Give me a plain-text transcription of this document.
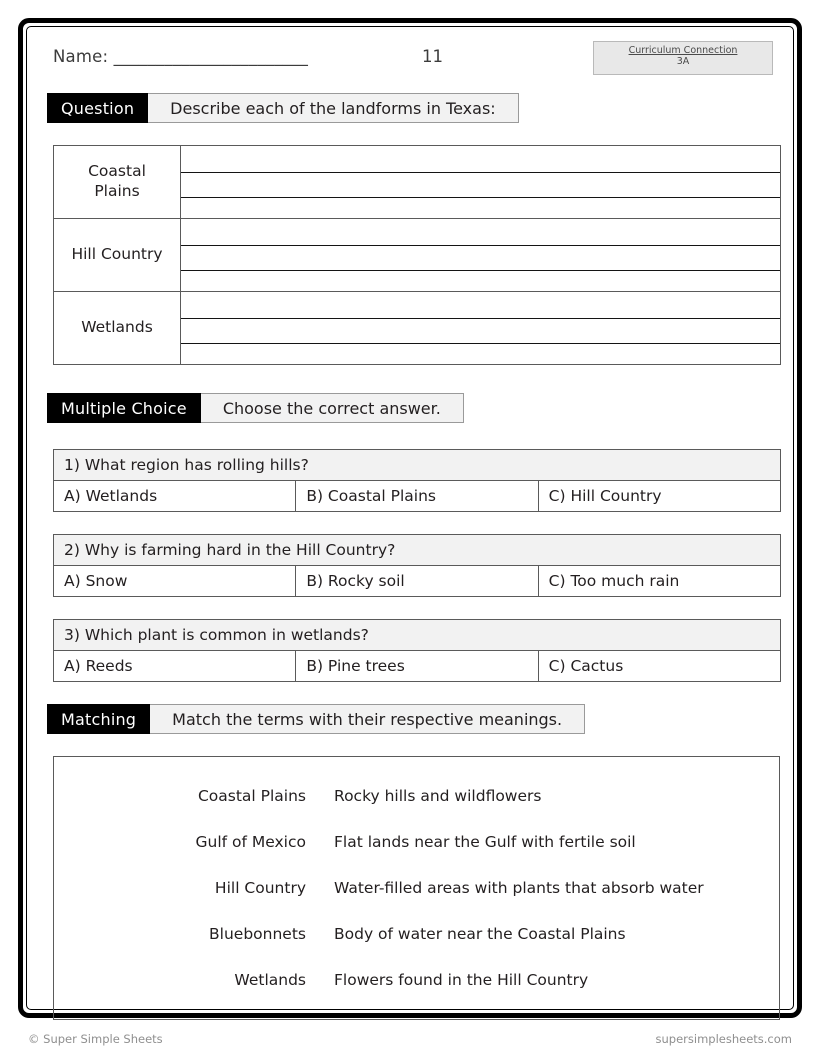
Name: _______________________	11	Curriculum Connection
3A
Question	Describe each of the landforms in Texas:
Coastal
Plains	

Hill Country	

Wetlands	
Multiple Choice	Choose the correct answer.
1) What region has rolling hills?
A) Wetlands	B) Coastal Plains	C) Hill Country
2) Why is farming hard in the Hill Country?
A) Snow	B) Rocky soil	C) Too much rain
3) Which plant is common in wetlands?
A) Reeds	B) Pine trees	C) Cactus
Matching	Match the terms with their respective meanings.
Coastal Plains	Rocky hills and wildflowers
Gulf of Mexico	Flat lands near the Gulf with fertile soil
Hill Country	Water-filled areas with plants that absorb water
Bluebonnets	Body of water near the Coastal Plains
Wetlands	Flowers found in the Hill Country
© Super Simple Sheets	supersimplesheets.com
